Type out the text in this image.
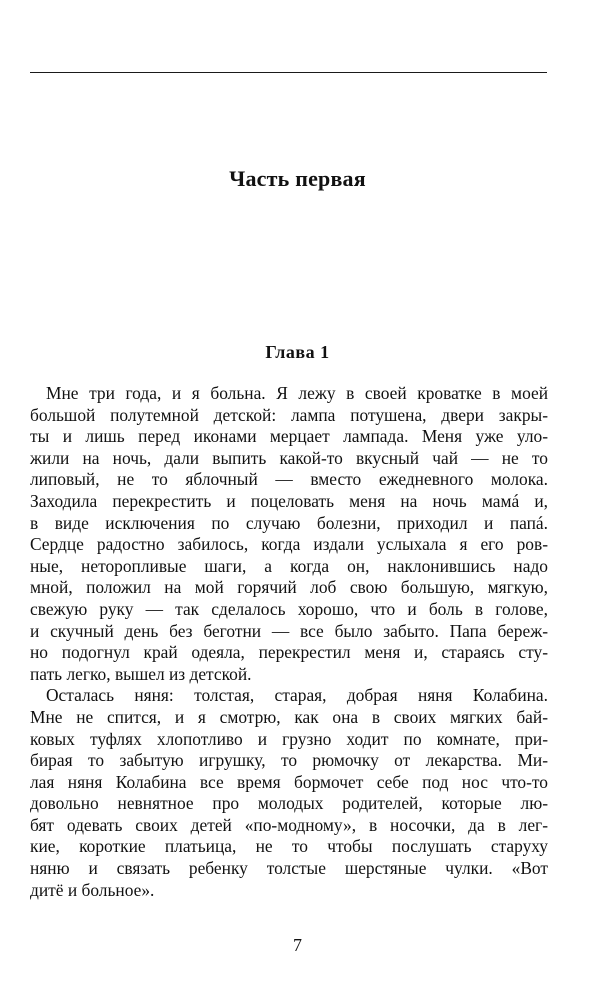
Часть первая
Глава 1
Мне три года, и я больна. Я лежу в своей кроватке в моей
большой полутемной детской: лампа потушена, двери закры-
ты и лишь перед иконами мерцает лампада. Меня уже уло-
жили на ночь, дали выпить какой-то вкусный чай — не то
липовый, не то яблочный — вместо ежедневного молока.
Заходила перекрестить и поцеловать меня на ночь мамá и,
в виде исключения по случаю болезни, приходил и папá.
Сердце радостно забилось, когда издали услыхала я его ров-
ные, неторопливые шаги, а когда он, наклонившись надо
мной, положил на мой горячий лоб свою большую, мягкую,
свежую руку — так сделалось хорошо, что и боль в голове,
и скучный день без беготни — все было забыто. Папа береж-
но подогнул край одеяла, перекрестил меня и, стараясь сту-
пать легко, вышел из детской.
Осталась няня: толстая, старая, добрая няня Колабина.
Мне не спится, и я смотрю, как она в своих мягких бай-
ковых туфлях хлопотливо и грузно ходит по комнате, при-
бирая то забытую игрушку, то рюмочку от лекарства. Ми-
лая няня Колабина все время бормочет себе под нос что-то
довольно невнятное про молодых родителей, которые лю-
бят одевать своих детей «по-модному», в носочки, да в лег-
кие, короткие платьица, не то чтобы послушать старуху
няню и связать ребенку толстые шерстяные чулки. «Вот
дитё и больное».
7
